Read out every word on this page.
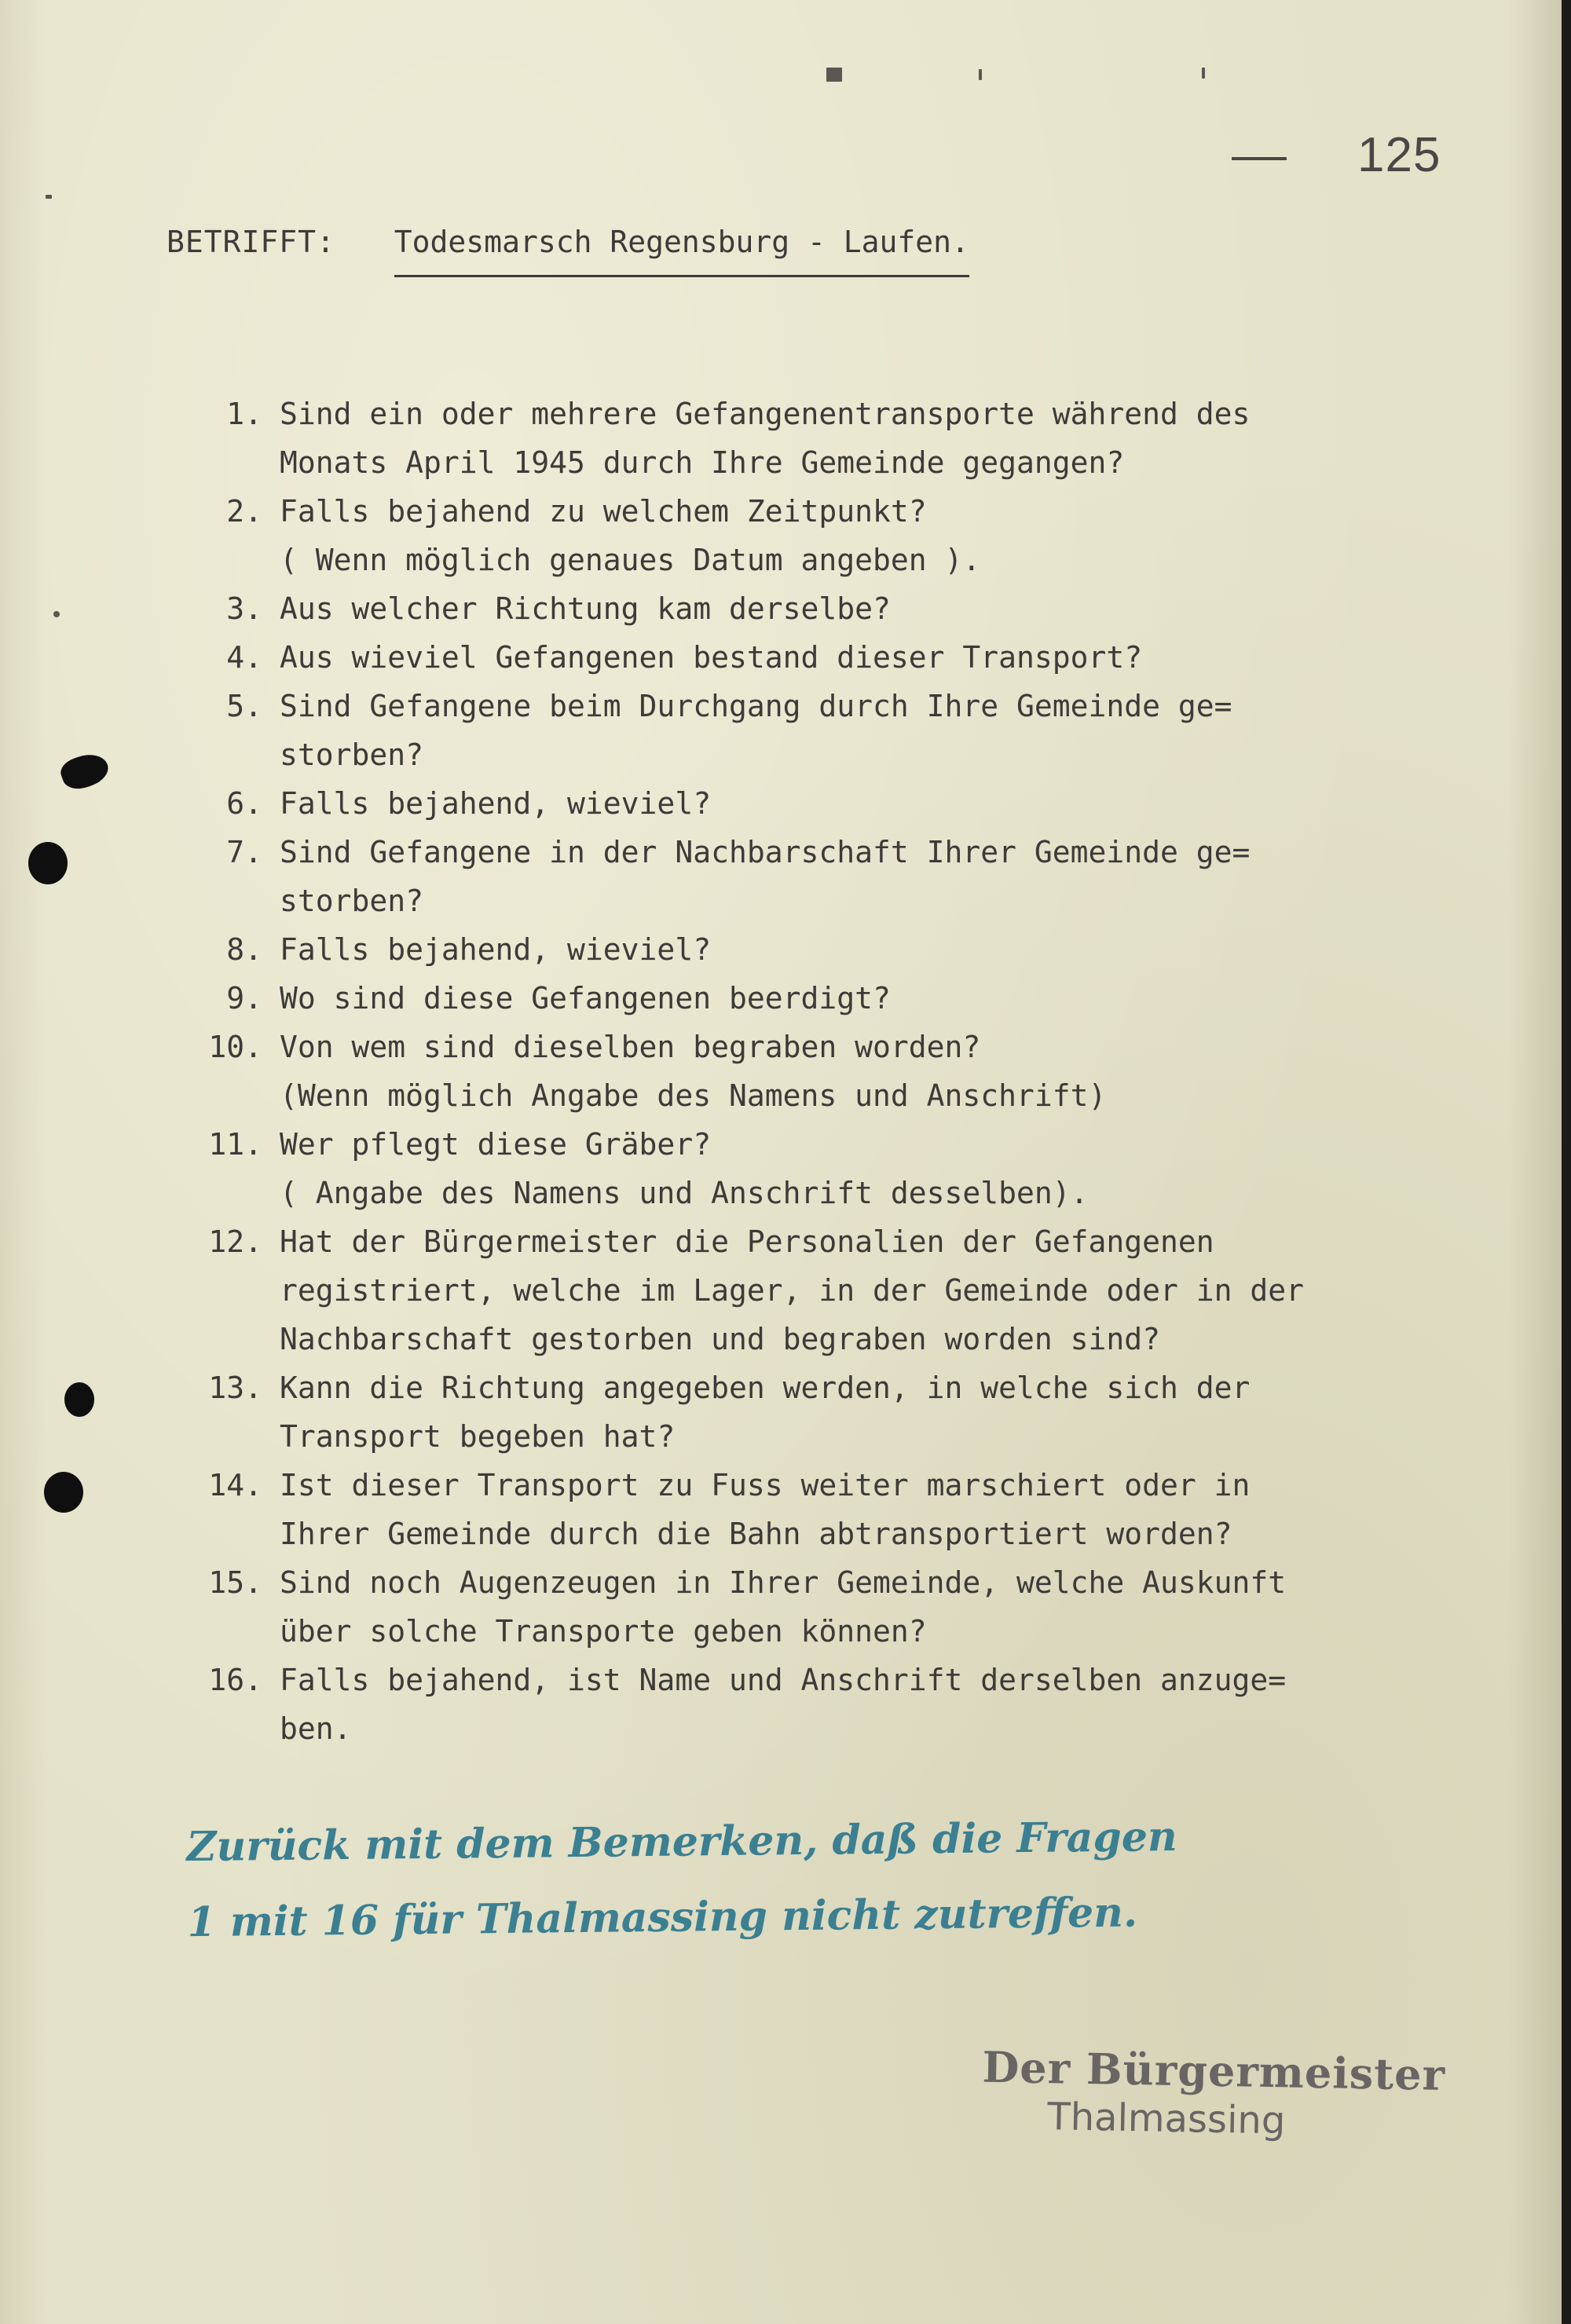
125
BETRIFFT: Todesmarsch Regensburg - Laufen.
1. Sind ein oder mehrere Gefangenentransporte während des
Monats April 1945 durch Ihre Gemeinde gegangen?
2. Falls bejahend zu welchem Zeitpunkt?
( Wenn möglich genaues Datum angeben ).
3. Aus welcher Richtung kam derselbe?
4. Aus wieviel Gefangenen bestand dieser Transport?
5. Sind Gefangene beim Durchgang durch Ihre Gemeinde ge=
storben?
6. Falls bejahend, wieviel?
7. Sind Gefangene in der Nachbarschaft Ihrer Gemeinde ge=
storben?
8. Falls bejahend, wieviel?
9. Wo sind diese Gefangenen beerdigt?
10. Von wem sind dieselben begraben worden?
(Wenn möglich Angabe des Namens und Anschrift)
11. Wer pflegt diese Gräber?
( Angabe des Namens und Anschrift desselben).
12. Hat der Bürgermeister die Personalien der Gefangenen
registriert, welche im Lager, in der Gemeinde oder in der
Nachbarschaft gestorben und begraben worden sind?
13. Kann die Richtung angegeben werden, in welche sich der
Transport begeben hat?
14. Ist dieser Transport zu Fuss weiter marschiert oder in
Ihrer Gemeinde durch die Bahn abtransportiert worden?
15. Sind noch Augenzeugen in Ihrer Gemeinde, welche Auskunft
über solche Transporte geben können?
16. Falls bejahend, ist Name und Anschrift derselben anzuge=
ben.
Zurück mit dem Bemerken, daß die Fragen
1 mit 16 für Thalmassing nicht zutreffen.
Der Bürgermeister
Thalmassing
